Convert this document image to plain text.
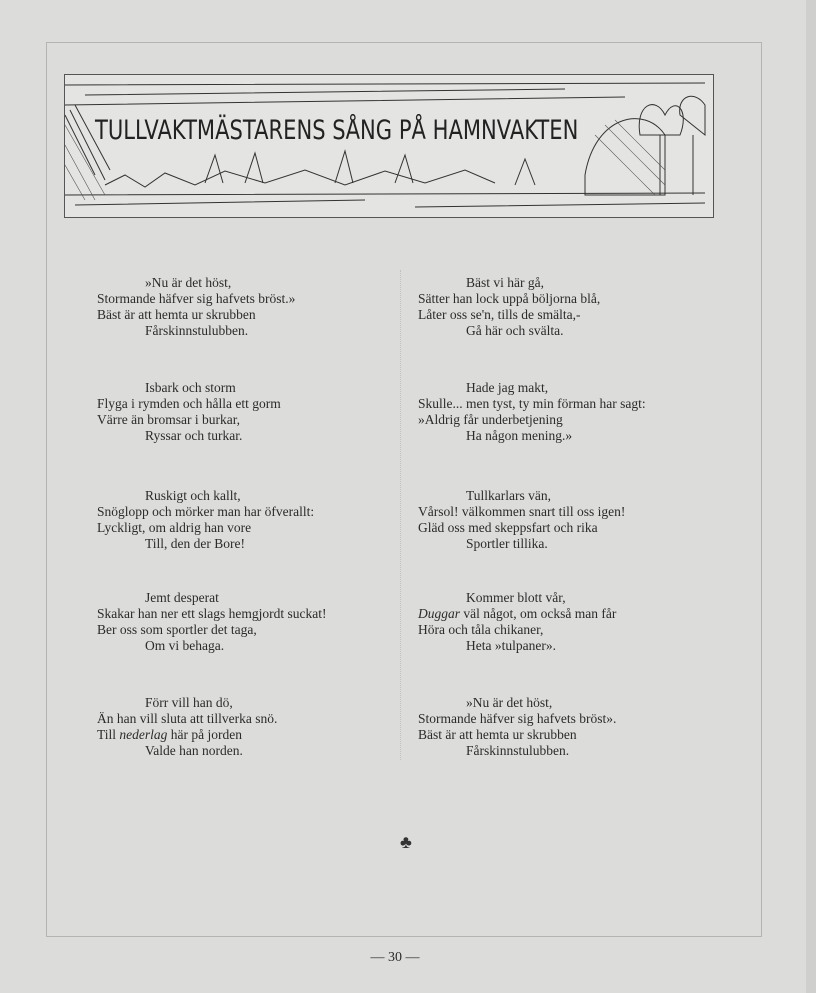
TULLVAKTMÄSTARENS SÅNG PÅ HAMNVAKTEN
»Nu är det höst,
Stormande häfver sig hafvets bröst.»
Bäst är att hemta ur skrubben
Fårskinnstulubben.
Isbark och storm
Flyga i rymden och hålla ett gorm
Värre än bromsar i burkar,
Ryssar och turkar.
Ruskigt och kallt,
Snöglopp och mörker man har öfverallt:
Lyckligt, om aldrig han vore
Till, den der Bore!
Jemt desperat
Skakar han ner ett slags hemgjordt suckat!
Ber oss som sportler det taga,
Om vi behaga.
Förr vill han dö,
Än han vill sluta att tillverka snö.
Till nederlag här på jorden
Valde han norden.
Bäst vi här gå,
Sätter han lock uppå böljorna blå,
Låter oss se'n, tills de smälta,-
Gå här och svälta.
Hade jag makt,
Skulle... men tyst, ty min förman har sagt:
»Aldrig får underbetjening
Ha någon mening.»
Tullkarlars vän,
Vårsol! välkommen snart till oss igen!
Gläd oss med skeppsfart och rika
Sportler tillika.
Kommer blott vår,
Duggar väl något, om också man får
Höra och tåla chikaner,
Heta »tulpaner».
»Nu är det höst,
Stormande häfver sig hafvets bröst».
Bäst är att hemta ur skrubben
Fårskinnstulubben.
♣
— 30 —
